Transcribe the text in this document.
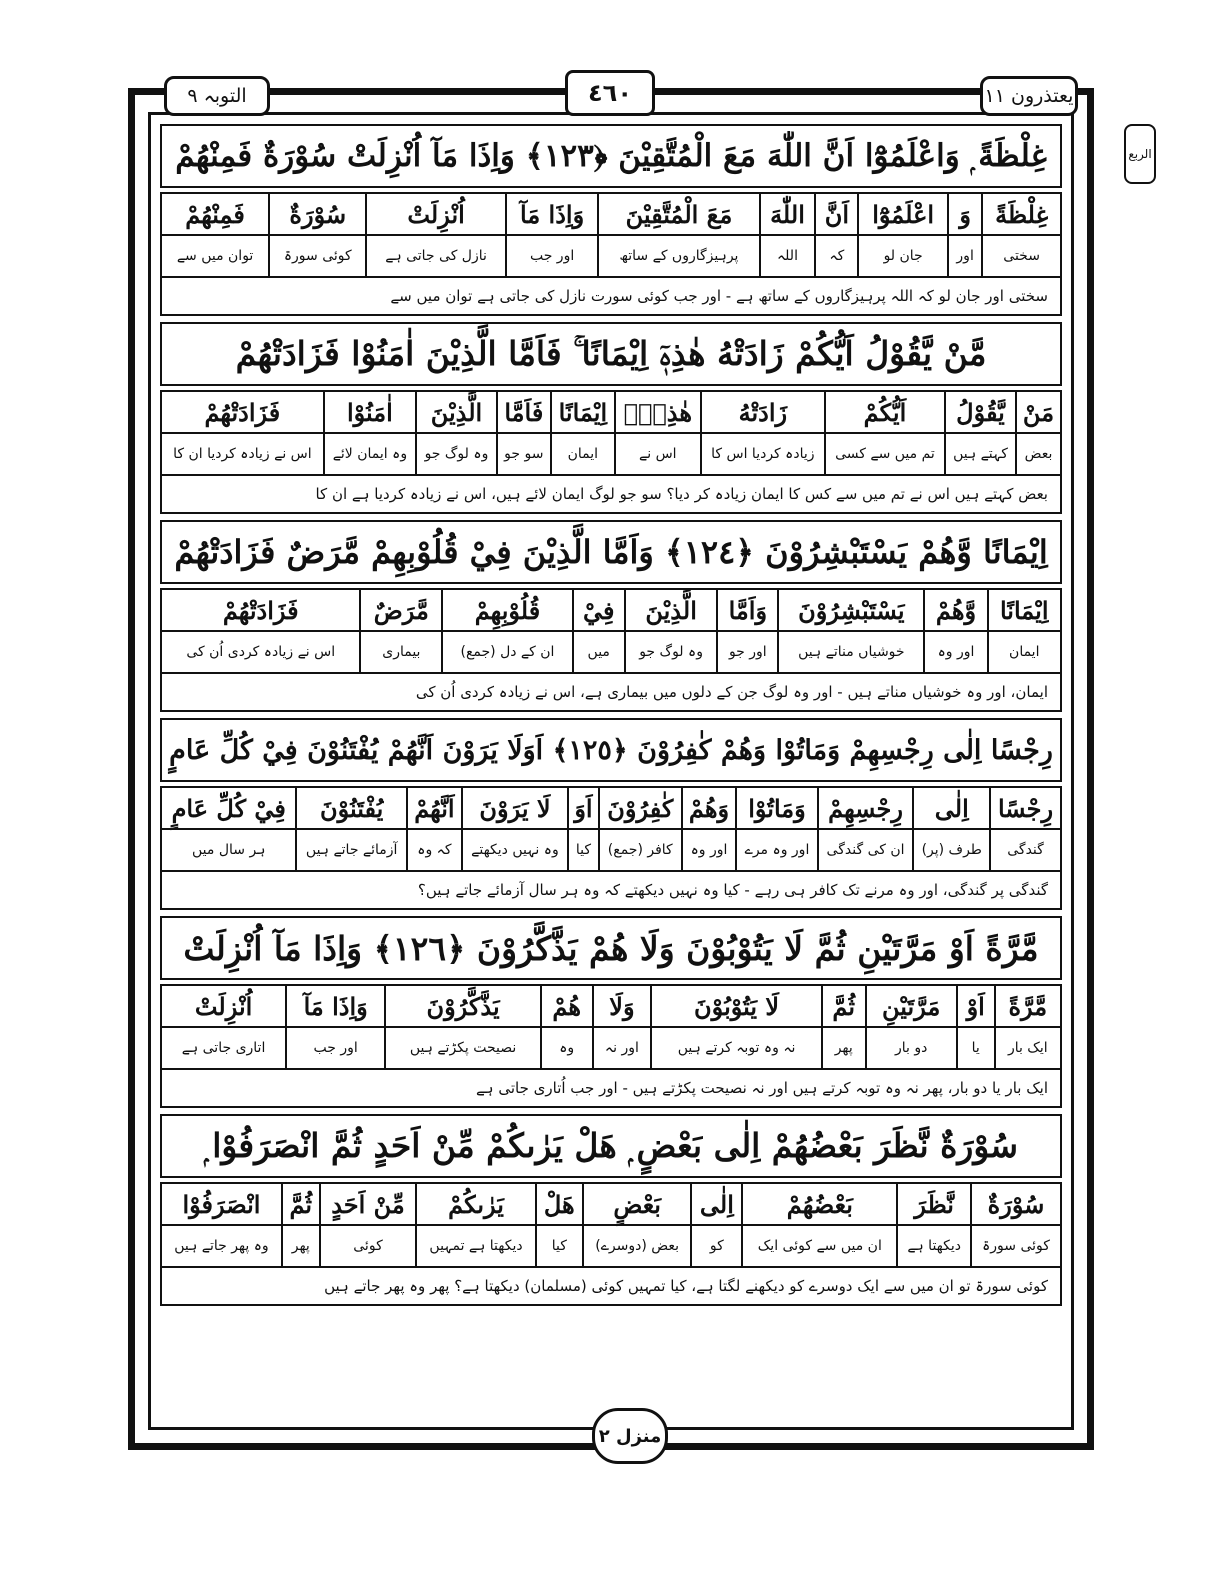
التوبہ ٩	٤٦٠	یعتذرون ١١
الربع
غِلْظَةً ۭ وَاعْلَمُوْٓا اَنَّ اللّٰهَ مَعَ الْمُتَّقِيْنَ ﴿١٢٣﴾ وَاِذَا مَآ اُنْزِلَتْ سُوْرَةٌ فَمِنْهُمْ
غِلْظَةً	وَ	اعْلَمُوْٓا	اَنَّ	اللّٰهَ	مَعَ الْمُتَّقِيْنَ	وَاِذَا مَآ	اُنْزِلَتْ	سُوْرَةٌ	فَمِنْهُمْ
سختی	اور	جان لو	کہ	اللہ	پرہیزگاروں کے ساتھ	اور جب	نازل کی جاتی ہے	کوئی سورۃ	توان میں سے
سختی اور جان لو کہ اللہ پرہیزگاروں کے ساتھ ہے - اور جب کوئی سورت نازل کی جاتی ہے توان میں سے
مَّنْ يَّقُوْلُ اَيُّكُمْ زَادَتْهُ هٰذِهٖٓ اِيْمَانًا ۚ فَاَمَّا الَّذِيْنَ اٰمَنُوْا فَزَادَتْهُمْ
مَنْ	يَّقُوْلُ	اَيُّكُمْ	زَادَتْهُ	هٰذِهٖٓ	اِيْمَانًا	فَاَمَّا	الَّذِيْنَ	اٰمَنُوْا	فَزَادَتْهُمْ
بعض	کہتے ہیں	تم میں سے کسی	زیادہ کردیا اس کا	اس نے	ایمان	سو جو	وہ لوگ جو	وہ ایمان لائے	اس نے زیادہ کردیا ان کا
بعض کہتے ہیں اس نے تم میں سے کس کا ایمان زیادہ کر دیا؟ سو جو لوگ ایمان لائے ہیں، اس نے زیادہ کردیا ہے ان کا
اِيْمَانًا وَّهُمْ يَسْتَبْشِرُوْنَ ﴿١٢٤﴾ وَاَمَّا الَّذِيْنَ فِيْ قُلُوْبِهِمْ مَّرَضٌ فَزَادَتْهُمْ
اِيْمَانًا	وَّهُمْ	يَسْتَبْشِرُوْنَ	وَاَمَّا	الَّذِيْنَ	فِيْ	قُلُوْبِهِمْ	مَّرَضٌ	فَزَادَتْهُمْ
ایمان	اور وہ	خوشیاں مناتے ہیں	اور جو	وہ لوگ جو	میں	ان کے دل (جمع)	بیماری	اس نے زیادہ کردی اُن کی
ایمان، اور وہ خوشیاں مناتے ہیں - اور وہ لوگ جن کے دلوں میں بیماری ہے، اس نے زیادہ کردی اُن کی
رِجْسًا اِلٰى رِجْسِهِمْ وَمَاتُوْا وَهُمْ كٰفِرُوْنَ ﴿١٢٥﴾ اَوَلَا يَرَوْنَ اَنَّهُمْ يُفْتَنُوْنَ فِيْ كُلِّ عَامٍ
رِجْسًا	اِلٰى	رِجْسِهِمْ	وَمَاتُوْا	وَهُمْ	كٰفِرُوْنَ	اَوَ	لَا يَرَوْنَ	اَنَّهُمْ	يُفْتَنُوْنَ	فِيْ كُلِّ عَامٍ
گندگی	طرف (پر)	ان کی گندگی	اور وہ مرے	اور وہ	کافر (جمع)	کیا	وہ نہیں دیکھتے	کہ وہ	آزمائے جاتے ہیں	ہر سال میں
گندگی پر گندگی، اور وہ مرنے تک کافر ہی رہے - کیا وہ نہیں دیکھتے کہ وہ ہر سال آزمائے جاتے ہیں؟
مَّرَّةً اَوْ مَرَّتَيْنِ ثُمَّ لَا يَتُوْبُوْنَ وَلَا هُمْ يَذَّكَّرُوْنَ ﴿١٢٦﴾ وَاِذَا مَآ اُنْزِلَتْ
مَّرَّةً	اَوْ	مَرَّتَيْنِ	ثُمَّ	لَا يَتُوْبُوْنَ	وَلَا	هُمْ	يَذَّكَّرُوْنَ	وَاِذَا مَآ	اُنْزِلَتْ
ایک بار	یا	دو بار	پھر	نہ وہ توبہ کرتے ہیں	اور نہ	وہ	نصیحت پکڑتے ہیں	اور جب	اتاری جاتی ہے
ایک بار یا دو بار، پھر نہ وہ توبہ کرتے ہیں اور نہ نصیحت پکڑتے ہیں - اور جب اُتاری جاتی ہے
سُوْرَةٌ نَّظَرَ بَعْضُهُمْ اِلٰى بَعْضٍ ۭ هَلْ يَرٰىكُمْ مِّنْ اَحَدٍ ثُمَّ انْصَرَفُوْا ۭ
سُوْرَةٌ	نَّظَرَ	بَعْضُهُمْ	اِلٰى	بَعْضٍ	هَلْ	يَرٰىكُمْ	مِّنْ اَحَدٍ	ثُمَّ	انْصَرَفُوْا
کوئی سورۃ	دیکھتا ہے	ان میں سے کوئی ایک	کو	بعض (دوسرے)	کیا	دیکھتا ہے تمہیں	کوئی	پھر	وہ پھر جاتے ہیں
کوئی سورۃ تو ان میں سے ایک دوسرے کو دیکھنے لگتا ہے، کیا تمہیں کوئی (مسلمان) دیکھتا ہے؟ پھر وہ پھر جاتے ہیں
منزل ٢
